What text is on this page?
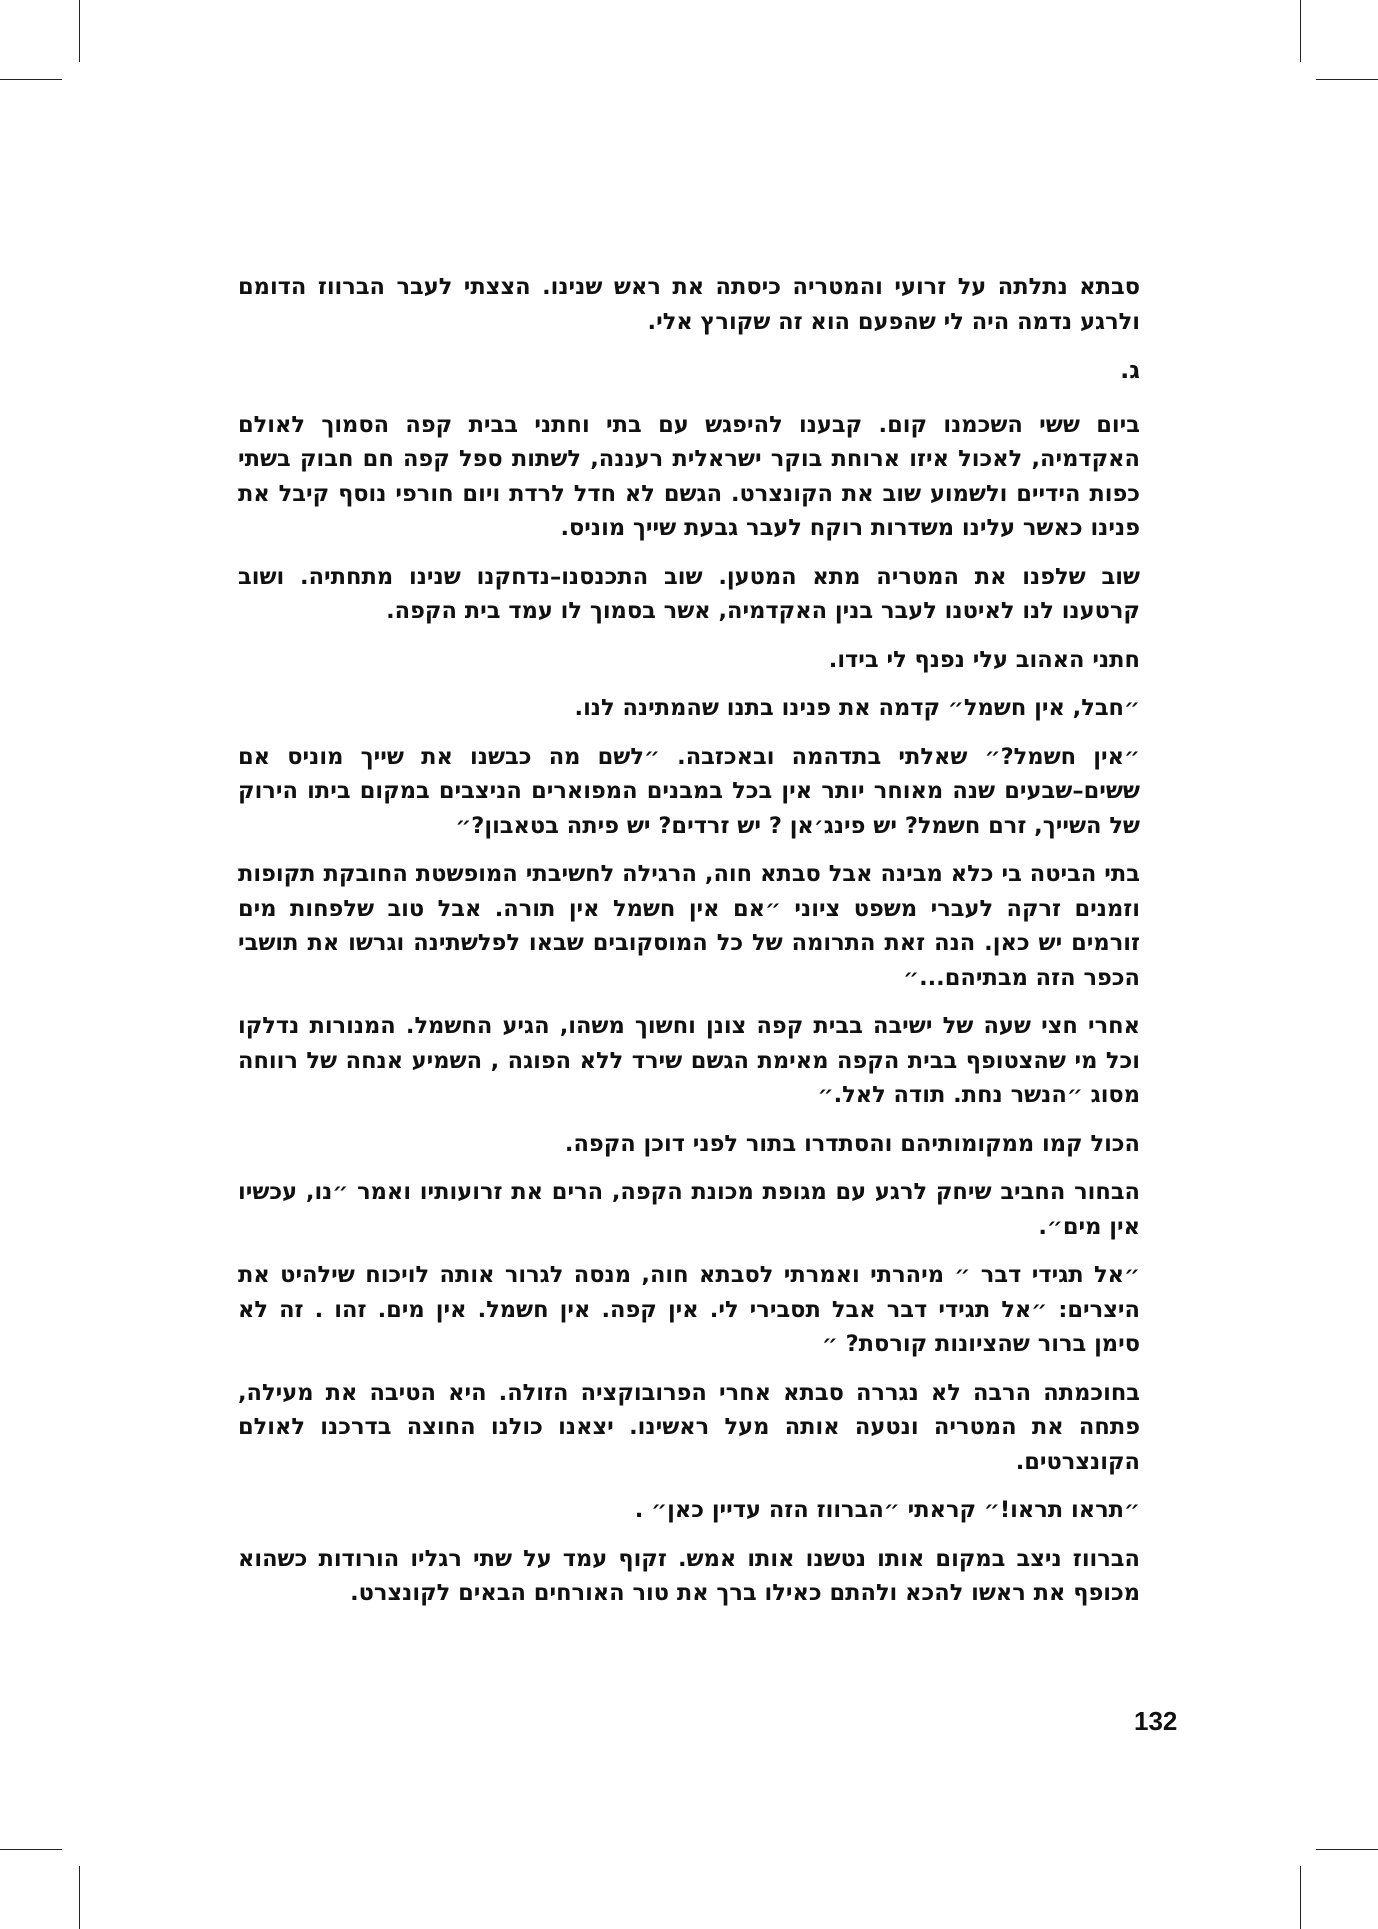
סבתא נתלתה על זרועי והמטריה כיסתה את ראש שנינו. הצצתי לעבר הברווז הדומם ולרגע נדמה היה לי שהפעם הוא זה שקורץ אלי.

ג.

ביום ששי השכמנו קום. קבענו להיפגש עם בתי וחתני בבית קפה הסמוך לאולם האקדמיה, לאכול איזו ארוחת בוקר ישראלית רעננה, לשתות ספל קפה חם חבוק בשתי כפות הידיים ולשמוע שוב את הקונצרט. הגשם לא חדל לרדת ויום חורפי נוסף קיבל את פנינו כאשר עלינו משדרות רוקח לעבר גבעת שייך מוניס.

שוב שלפנו את המטריה מתא המטען. שוב התכנסנו–נדחקנו שנינו מתחתיה. ושוב קרטענו לנו לאיטנו לעבר בנין האקדמיה, אשר בסמוך לו עמד בית הקפה.

חתני האהוב עלי נפנף לי בידו.

״חבל, אין חשמל״ קדמה את פנינו בתנו שהמתינה לנו.

״אין חשמל?״ שאלתי בתדהמה ובאכזבה. ״לשם מה כבשנו את שייך מוניס אם ששים–שבעים שנה מאוחר יותר אין בכל במבנים המפוארים הניצבים במקום ביתו הירוק של השייך, זרם חשמל? יש פינג׳אן ? יש זרדים? יש פיתה בטאבון?״

בתי הביטה בי כלא מבינה אבל סבתא חוה, הרגילה לחשיבתי המופשטת החובקת תקופות וזמנים זרקה לעברי משפט ציוני ״אם אין חשמל אין תורה. אבל טוב שלפחות מים זורמים יש כאן. הנה זאת התרומה של כל המוסקובים שבאו לפלשתינה וגרשו את תושבי הכפר הזה מבתיהם...״

אחרי חצי שעה של ישיבה בבית קפה צונן וחשוך משהו, הגיע החשמל. המנורות נדלקו וכל מי שהצטופף בבית הקפה מאימת הגשם שירד ללא הפוגה , השמיע אנחה של רווחה מסוג ״הנשר נחת. תודה לאל.״

הכול קמו ממקומותיהם והסתדרו בתור לפני דוכן הקפה.

הבחור החביב שיחק לרגע עם מגופת מכונת הקפה, הרים את זרועותיו ואמר ״נו, עכשיו אין מים״.

״אל תגידי דבר ״ מיהרתי ואמרתי לסבתא חוה, מנסה לגרור אותה לויכוח שילהיט את היצרים: ״אל תגידי דבר אבל תסבירי לי. אין קפה. אין חשמל. אין מים. זהו . זה לא סימן ברור שהציונות קורסת? ״

בחוכמתה הרבה לא נגררה סבתא אחרי הפרובוקציה הזולה. היא הטיבה את מעילה, פתחה את המטריה ונטעה אותה מעל ראשינו. יצאנו כולנו החוצה בדרכנו לאולם הקונצרטים.

״תראו תראו!״ קראתי ״הברווז הזה עדיין כאן״ .

הברווז ניצב במקום אותו נטשנו אותו אמש. זקוף עמד על שתי רגליו הורודות כשהוא מכופף את ראשו להכא ולהתם כאילו ברך את טור האורחים הבאים לקונצרט.

132
